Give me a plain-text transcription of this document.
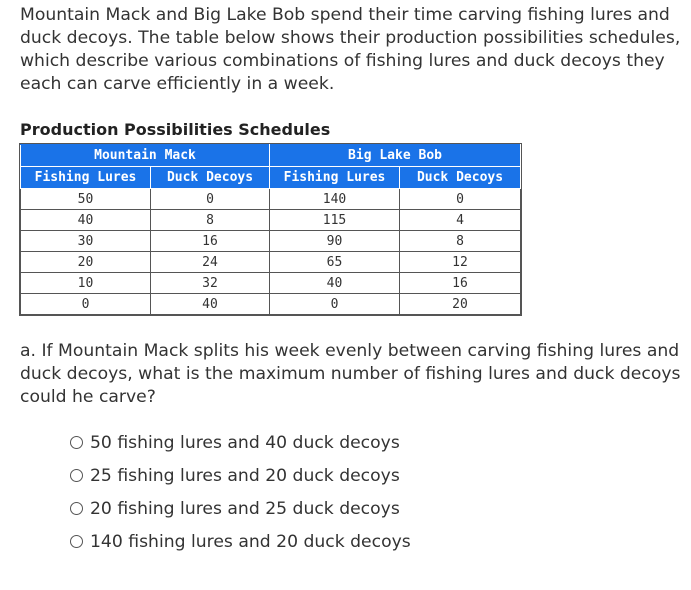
Mountain Mack and Big Lake Bob spend their time carving fishing lures and duck decoys. The table below shows their production possibilities schedules, which describe various combinations of fishing lures and duck decoys they each can carve efficiently in a week.

Production Possibilities Schedules

Mountain Mack		Big Lake Bob	
Fishing Lures	Duck Decoys	Fishing Lures	Duck Decoys
50	0	140	0
40	8	115	4
30	16	90	8
20	24	65	12
10	32	40	16
0	40	0	20

a. If Mountain Mack splits his week evenly between carving fishing lures and duck decoys, what is the maximum number of fishing lures and duck decoys could he carve?

50 fishing lures and 40 duck decoys
25 fishing lures and 20 duck decoys
20 fishing lures and 25 duck decoys
140 fishing lures and 20 duck decoys
